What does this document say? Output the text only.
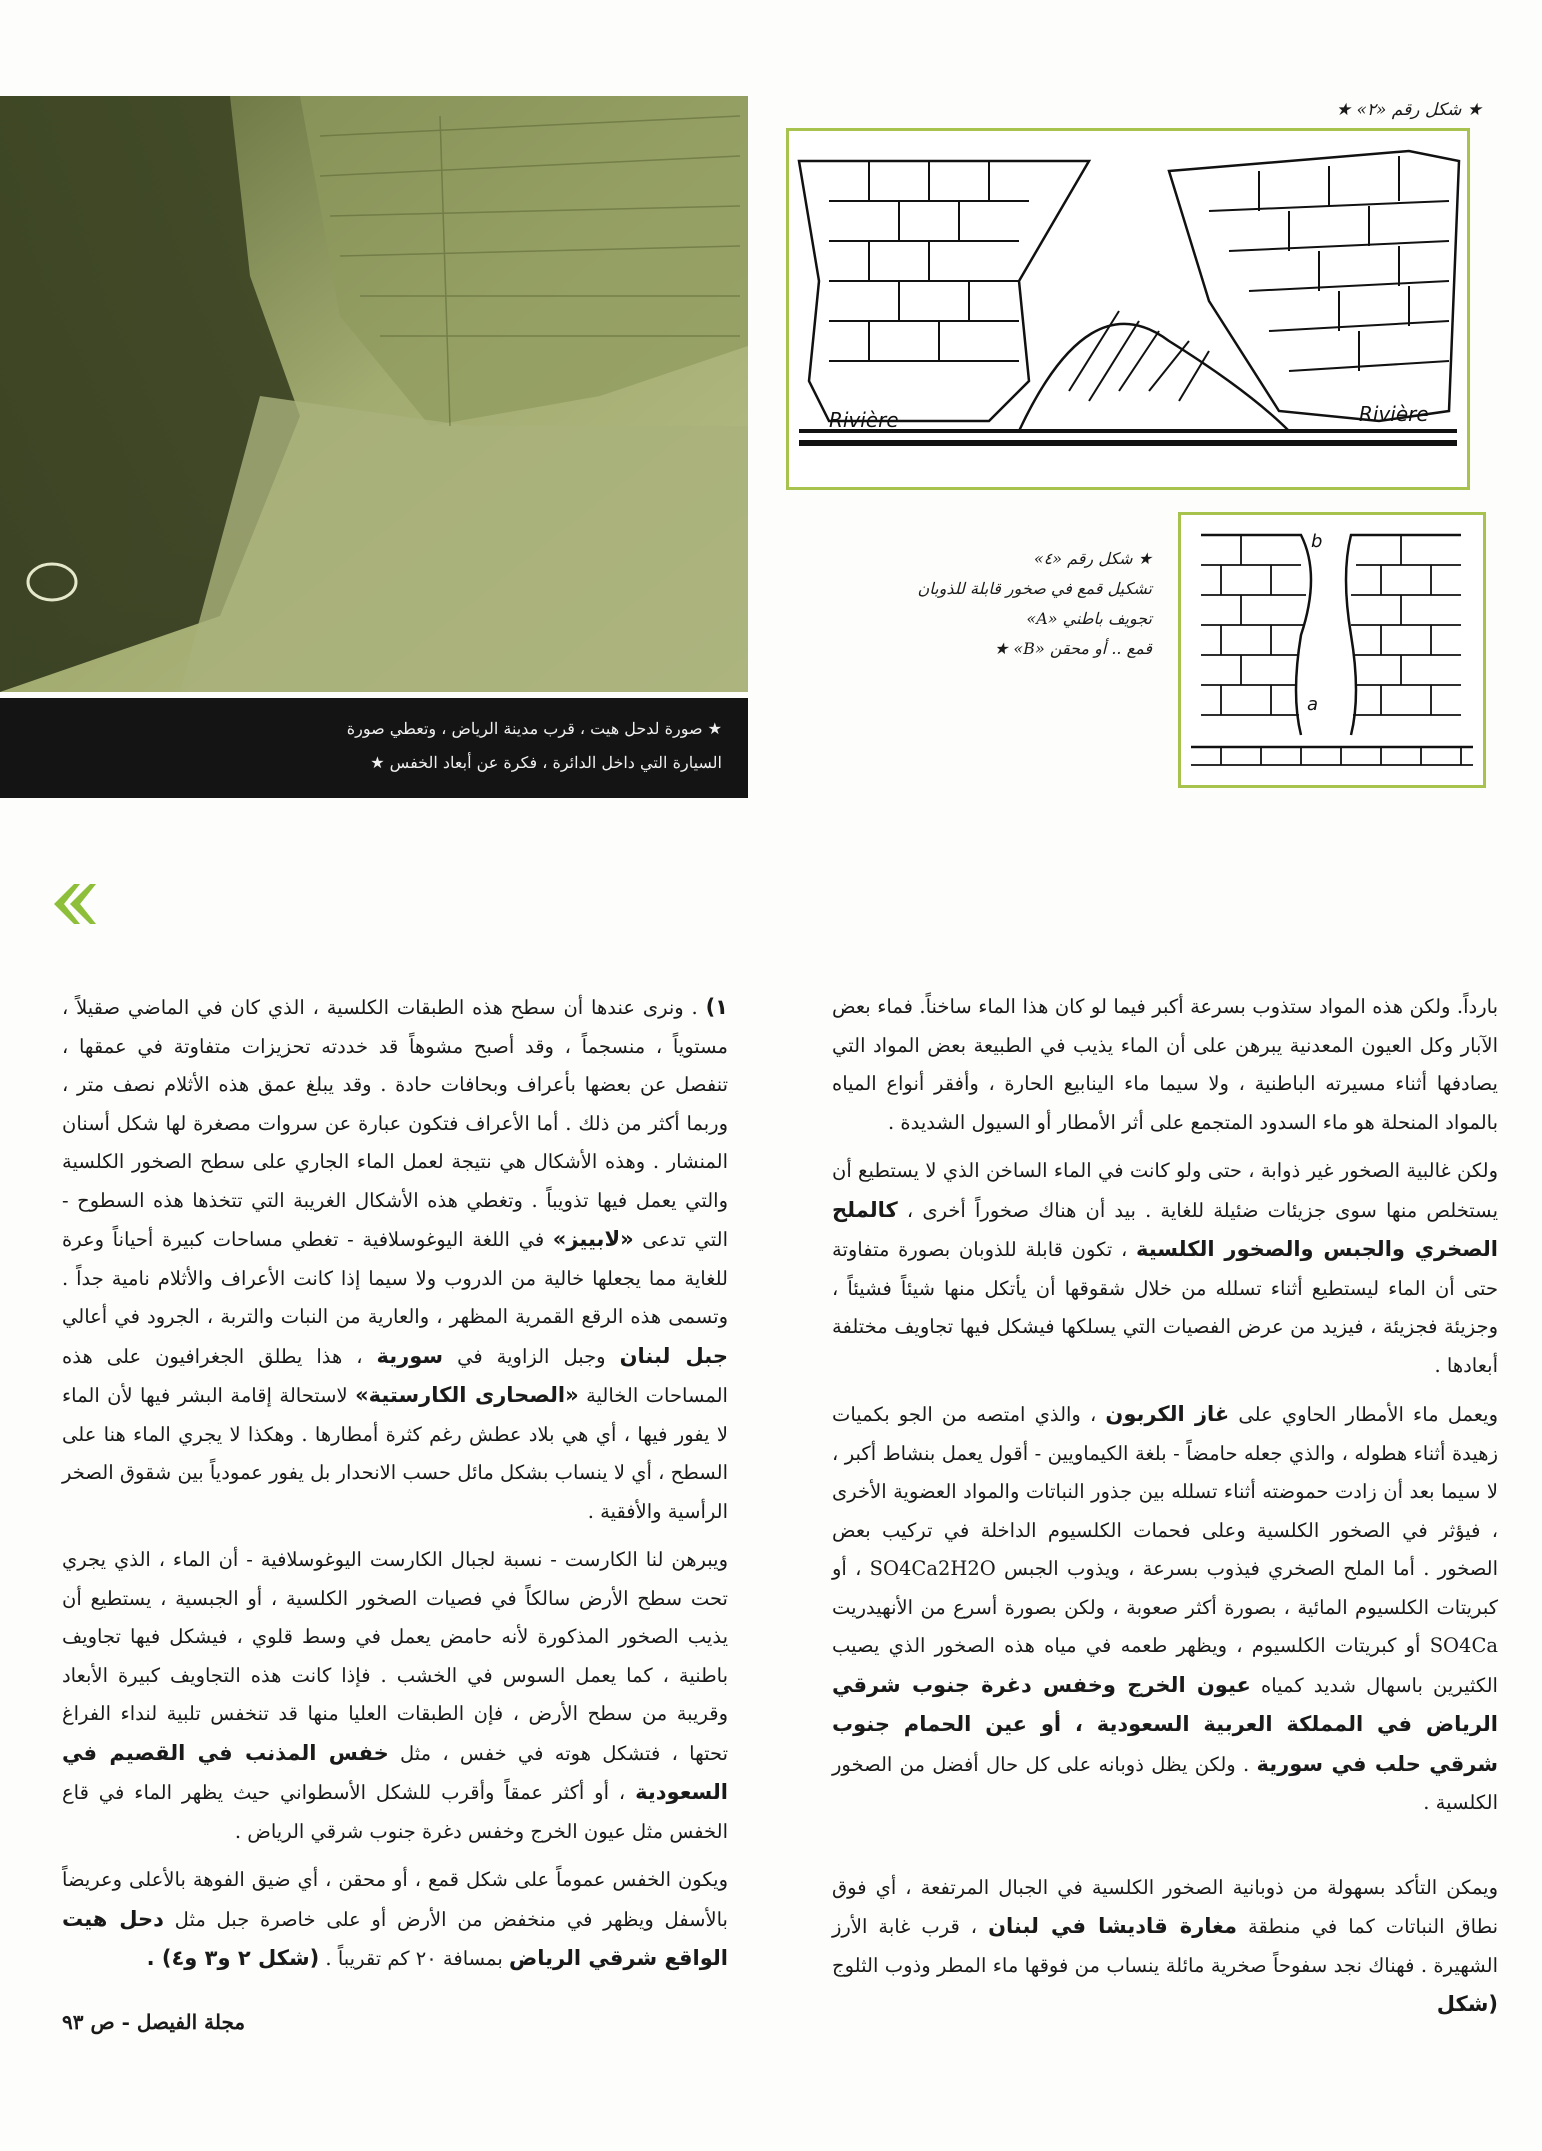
★ صورة لدحل هيت ، قرب مدينة الرياض ، وتعطي صورة
السيارة التي داخل الدائرة ، فكرة عن أبعاد الخفس ★
★ شكل رقم «٢» ★
Rivière	Rivière
★ شكل رقم «٤»
تشكيل قمع في صخور قابلة للذوبان
تجويف باطني «A»
قمع .. أو محقن «B» ★
b
a

بارداً. ولكن هذه المواد ستذوب بسرعة أكبر فيما لو كان هذا الماء ساخناً. فماء بعض الآبار وكل العيون المعدنية يبرهن على أن الماء يذيب في الطبيعة بعض المواد التي يصادفها أثناء مسيرته الباطنية ، ولا سيما ماء الينابيع الحارة ، وأفقر أنواع المياه بالمواد المنحلة هو ماء السدود المتجمع على أثر الأمطار أو السيول الشديدة .

ولكن غالبية الصخور غير ذوابة ، حتى ولو كانت في الماء الساخن الذي لا يستطيع أن يستخلص منها سوى جزيئات ضئيلة للغاية . بيد أن هناك صخوراً أخرى ، كالملح الصخري والجبس والصخور الكلسية ، تكون قابلة للذوبان بصورة متفاوتة حتى أن الماء ليستطيع أثناء تسلله من خلال شقوقها أن يأتكل منها شيئاً فشيئاً ، وجزيئة فجزيئة ، فيزيد من عرض الفصيات التي يسلكها فيشكل فيها تجاويف مختلفة أبعادها .

ويعمل ماء الأمطار الحاوي على غاز الكربون ، والذي امتصه من الجو بكميات زهيدة أثناء هطوله ، والذي جعله حامضاً - بلغة الكيماويين - أقول يعمل بنشاط أكبر ، لا سيما بعد أن زادت حموضته أثناء تسلله بين جذور النباتات والمواد العضوية الأخرى ، فيؤثر في الصخور الكلسية وعلى فحمات الكلسيوم الداخلة في تركيب بعض الصخور . أما الملح الصخري فيذوب بسرعة ، ويذوب الجبس SO4Ca2H2O ، أو كبريتات الكلسيوم المائية ، بصورة أكثر صعوبة ، ولكن بصورة أسرع من الأنهيدريت SO4Ca أو كبريتات الكلسيوم ، ويظهر طعمه في مياه هذه الصخور الذي يصيب الكثيرين باسهال شديد كمياه عيون الخرج وخفس دغرة جنوب شرقي الرياض في المملكة العربية السعودية ، أو عين الحمام جنوب شرقي حلب في سورية . ولكن يظل ذوبانه على كل حال أفضل من الصخور الكلسية .

ويمكن التأكد بسهولة من ذوبانية الصخور الكلسية في الجبال المرتفعة ، أي فوق نطاق النباتات كما في منطقة مغارة قاديشا في لبنان ، قرب غابة الأرز الشهيرة . فهناك نجد سفوحاً صخرية مائلة ينساب من فوقها ماء المطر وذوب الثلوج (شكل

١) . ونرى عندها أن سطح هذه الطبقات الكلسية ، الذي كان في الماضي صقيلاً ، مستوياً ، منسجماً ، وقد أصبح مشوهاً قد خددته تحزيزات متفاوتة في عمقها ، تنفصل عن بعضها بأعراف وبحافات حادة . وقد يبلغ عمق هذه الأثلام نصف متر ، وربما أكثر من ذلك . أما الأعراف فتكون عبارة عن سروات مصغرة لها شكل أسنان المنشار . وهذه الأشكال هي نتيجة لعمل الماء الجاري على سطح الصخور الكلسية والتي يعمل فيها تذويباً . وتغطي هذه الأشكال الغريبة التي تتخذها هذه السطوح - التي تدعى «لابييز» في اللغة اليوغوسلافية - تغطي مساحات كبيرة أحياناً وعرة للغاية مما يجعلها خالية من الدروب ولا سيما إذا كانت الأعراف والأثلام نامية جداً . وتسمى هذه الرقع القمرية المظهر ، والعارية من النبات والتربة ، الجرود في أعالي جبل لبنان وجبل الزاوية في سورية ، هذا يطلق الجغرافيون على هذه المساحات الخالية «الصحارى الكارستية» لاستحالة إقامة البشر فيها لأن الماء لا يفور فيها ، أي هي بلاد عطش رغم كثرة أمطارها . وهكذا لا يجري الماء هنا على السطح ، أي لا ينساب بشكل مائل حسب الانحدار بل يفور عمودياً بين شقوق الصخر الرأسية والأفقية .

ويبرهن لنا الكارست - نسبة لجبال الكارست اليوغوسلافية - أن الماء ، الذي يجري تحت سطح الأرض سالكاً في فصيات الصخور الكلسية ، أو الجبسية ، يستطيع أن يذيب الصخور المذكورة لأنه حامض يعمل في وسط قلوي ، فيشكل فيها تجاويف باطنية ، كما يعمل السوس في الخشب . فإذا كانت هذه التجاويف كبيرة الأبعاد وقريبة من سطح الأرض ، فإن الطبقات العليا منها قد تنخفس تلبية لنداء الفراغ تحتها ، فتشكل هوته في خفس ، مثل خفس المذنب في القصيم في السعودية ، أو أكثر عمقاً وأقرب للشكل الأسطواني حيث يظهر الماء في قاع الخفس مثل عيون الخرج وخفس دغرة جنوب شرقي الرياض .

ويكون الخفس عموماً على شكل قمع ، أو محقن ، أي ضيق الفوهة بالأعلى وعريضاً بالأسفل ويظهر في منخفض من الأرض أو على خاصرة جبل مثل دحل هيت الواقع شرقي الرياض بمسافة ٢٠ كم تقريباً . (شكل ٢ و٣ و٤) .

مجلة الفيصل - ص ٩٣
